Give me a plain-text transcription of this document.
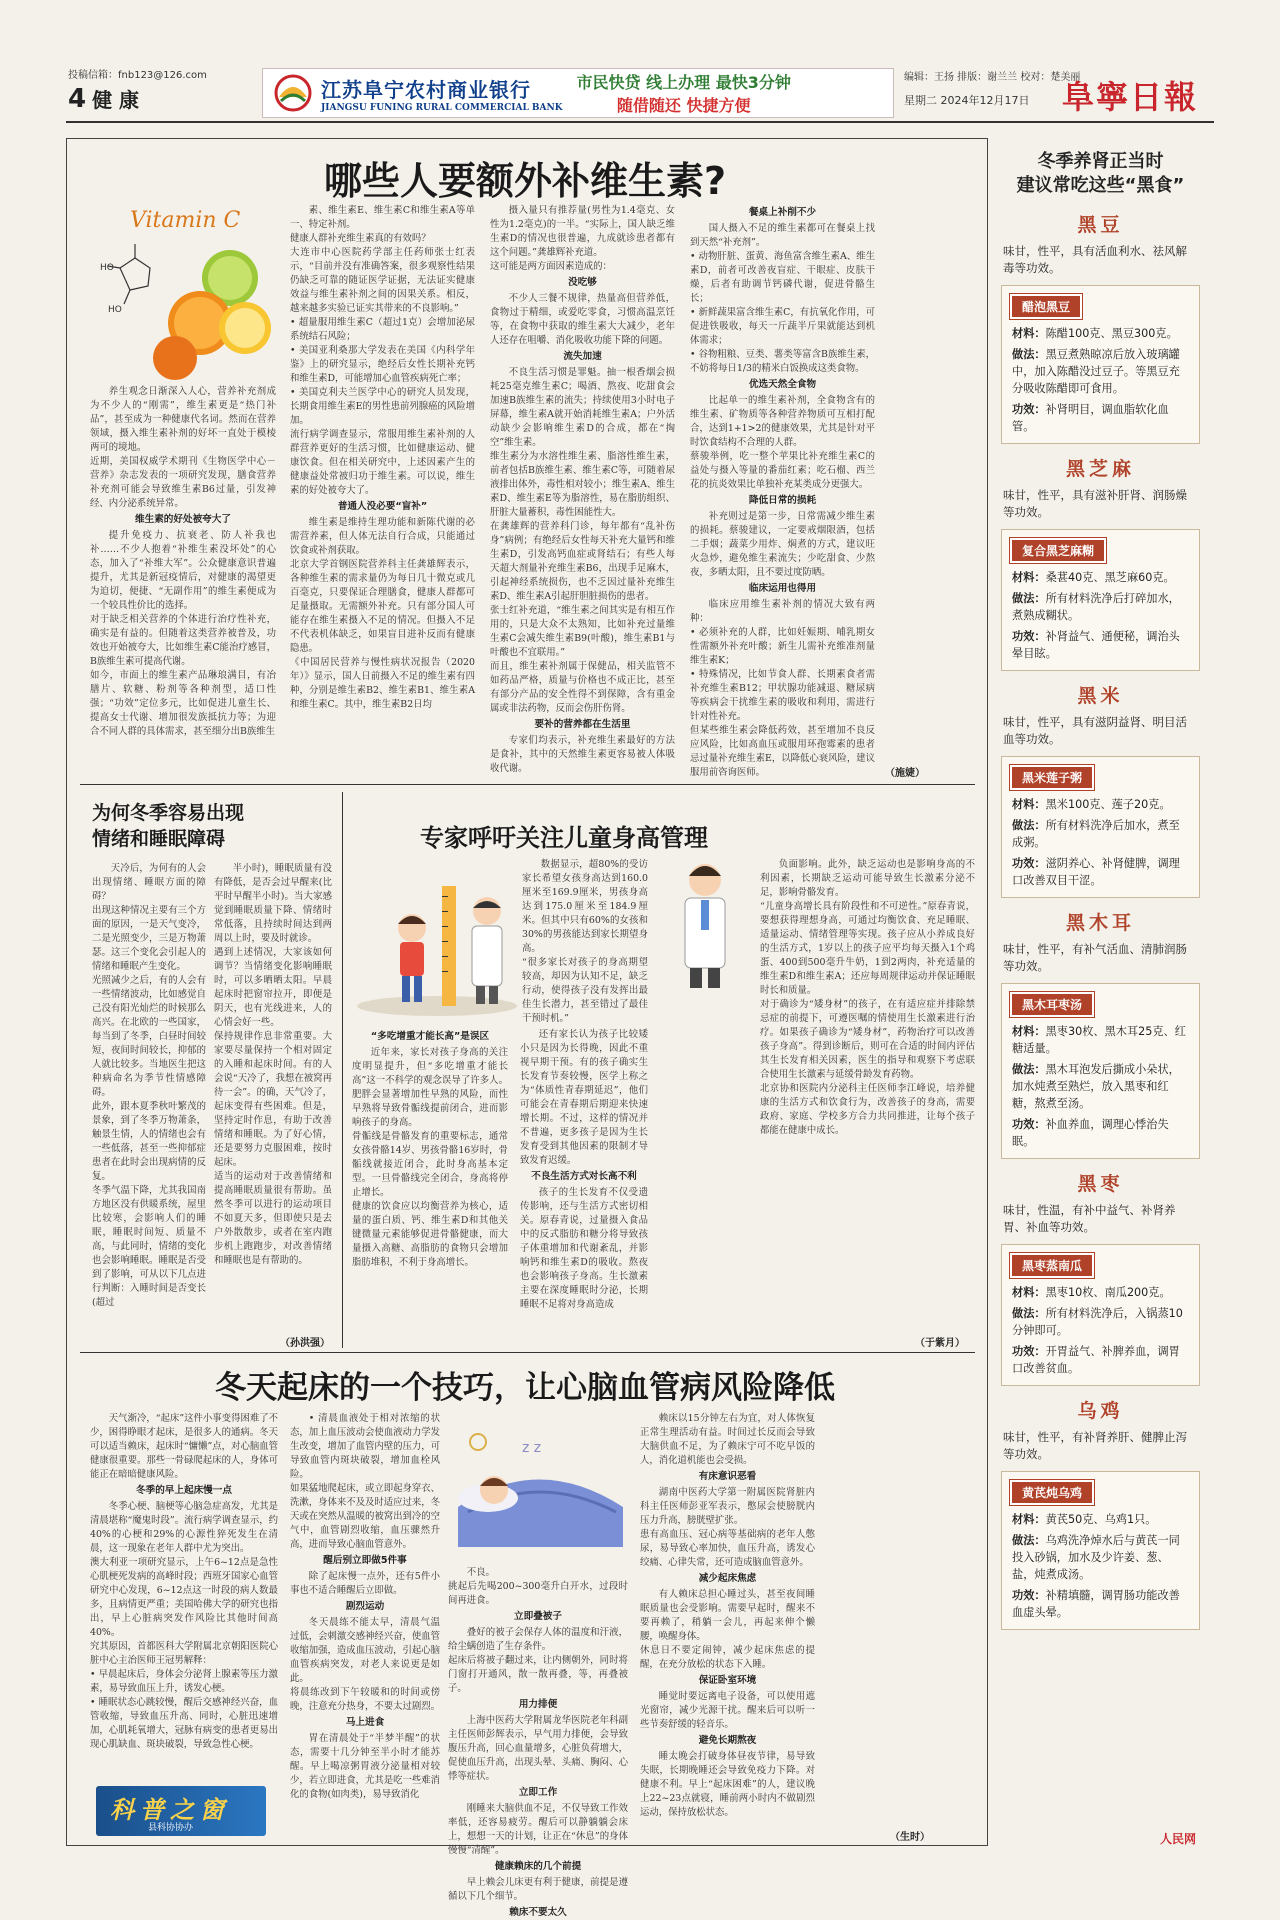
投稿信箱：fnb123@126.com
4 健 康	江苏阜宁农村商业银行
JIANGSU FUNING RURAL COMMERCIAL BANK
市民快贷 线上办理 最快3分钟
随借随还 快捷方便
编辑：王扬 排版：谢兰兰 校对：楚美丽
星期二 2024年12月17日 阜寧日報
哪些人要额外补维生素?
Vitamin C
HO
HO

养生观念日渐深入人心，营养补充剂成为不少人的“刚需”，维生素更是“热门补品”，甚至成为一种健康代名词。然而在营养领域，摄入维生素补剂的好坏一直处于模棱两可的境地。
近期，美国权威学术期刊《生物医学中心－营养》杂志发表的一项研究发现，膳食营养补充剂可能会导致维生素B6过量，引发神经、内分泌系统异常。

维生素的好处被夸大了

提升免疫力、抗衰老、防人补我也补……不少人抱着“补维生素没坏处”的心态，加入了“补维大军”。公众健康意识普遍提升，尤其是新冠疫情后，对健康的渴望更为迫切，便捷、“无副作用”的维生素便成为一个较具性价比的选择。
对于缺乏相关营养的个体进行治疗性补充，确实是有益的。但随着这类营养被普及，功效也开始被夸大，比如维生素C能治疗感冒，B族维生素可提高代谢。
如今，市面上的维生素产品琳琅满目，有冶膳片、软糖、粉剂等各种剂型，适口性强；“功效”定位多元，比如促进儿童生长、提高女士代谢、增加很发族抵抗力等；为迎合不同人群的具体需求，甚至细分出B族维生

素、维生素E、维生素C和维生素A等单一、特定补剂。
健康人群补充维生素真的有效吗？
大连市中心医院药学部主任药师张士红表示，“目前并没有准确答案，很多观察性结果仍缺乏可靠的随证医学证据，无法证实健康效益与维生素补剂之间的因果关系。相反，越来越多实验已证实其带来的不良影响。”
• 超量服用维生素C（超过1克）会增加泌尿系统结石风险；
• 美国亚利桑那大学发表在美国《内科学年鉴》上的研究显示，绝经后女性长期补充钙和维生素D，可能增加心血管疾病死亡率；
• 美国克利夫兰医学中心的研究人员发现，长期食用维生素E的男性患前列腺癌的风险增加。
流行病学调查显示，常服用维生素补剂的人群营养更好的生活习惯，比如健康运动、健康饮食。但在相关研究中，上述因素产生的健康益处常被归功于维生素。可以说，维生素的好处被夸大了。

普通人没必要“盲补”

维生素是维持生理功能和新陈代谢的必需营养素，但人体无法自行合成，只能通过饮食或补剂获取。
北京大学首钢医院营养科主任龚雄辉表示，各种维生素的需求量仍为每日几十微克或几百毫克，只要保证合理膳食，健康人群都可足量摄取。无需额外补充。只有部分国人可能存在维生素摄入不足的情况。但摄入不足不代表机体缺乏，如果盲目进补反而有健康隐患。
《中国居民营养与慢性病状况报告（2020年）》显示，国人日前摄入不足的维生素有四种，分别是维生素B2、维生素B1、维生素A和维生素C。其中，维生素B2日均

摄入量只有推荐量(男性为1.4毫克、女性为1.2毫克)的一半。“实际上，国人缺乏维生素D的情况也很普遍，九成就诊患者都有这个问题。”龚雄辉补充道。
这可能是两方面因素造成的：

没吃够

不少人三餐不规律，热量高但营养低，食物过于精细，或爱吃零食，习惯高温烹饪等，在食物中获取的维生素大大减少，老年人还存在咀嚼、消化吸收功能下降的问题。

流失加速

不良生活习惯是罪魁。抽一根香烟会损耗25毫克维生素C；喝酒、熬夜、吃甜食会加速B族维生素的流失；持续使用3小时电子屏幕，维生素A就开始消耗维生素A；户外活动缺少会影响维生素D的合成，都在“掏空”维生素。
维生素分为水溶性维生素、脂溶性维生素，前者包括B族维生素、维生素C等，可随着尿液排出体外，毒性相对较小；维生素A、维生素D、维生素E等为脂溶性，易在脂肪组织、肝脏大量蓄积，毒性困能性大。
在龚雄辉的营养科门诊，每年都有“乱补伤身”病例；有绝经后女性每天补充大量钙和维生素D，引发高钙血症或肾结石；有些人每天超大剂量补充维生素B6，出现手足麻木，引起神经系统损伤，也不乏因过量补充维生素D、维生素A引起肝胆脏损伤的患者。
张士红补充道，“维生素之间其实是有相互作用的，只是大众不太熟知，比如补充过量维生素C会减失维生素B9(叶酸)，维生素B1与叶酸也不宜联用。”
而且，维生素补剂属于保健品，相关监管不如药品严格，质量与价格也不成正比，甚至有部分产品的安全性得不到保障，含有重金属或非法药物，反而会伤肝伤肾。

要补的营养都在生活里

专家们均表示，补充维生素最好的方法是食补，其中的天然维生素更容易被人体吸收代谢。

餐桌上补削不少

国人摄入不足的维生素都可在餐桌上找到天然“补充剂”。
• 动物肝脏、蛋黄、海鱼富含维生素A、维生素D，前者可改善夜盲症、干眼症、皮肤干燥，后者有助调节钙磷代谢，促进骨骼生长；
• 新鲜蔬果富含维生素C，有抗氧化作用，可促进铁吸收，每天一斤蔬半斤果就能达到机体需求；
• 谷物粗粮、豆类、薯类等富含B族维生素，不妨将每日1/3的精米白饭换成这类食物。

优选天然全食物

比起单一的维生素补剂，全食物含有的维生素、矿物质等各种营养物质可互相打配合，达到1+1>2的健康效果，尤其是针对平时饮食结构不合理的人群。
蔡骏举例，吃一整个苹果比补充维生素C的益处与摄入等量的番茄红素；吃石榴、西兰花的抗炎效果比单独补充某类成分更强大。

降低日常的损耗

补充则过是第一步，日常需减少维生素的损耗。蔡骏建议，一定要戒烟限酒，包括二手烟；蔬菜少用炸、焖煮的方式，建议旺火急炒，避免维生素流失；少吃甜食、少熬夜，多晒太阳，且不要过度防晒。

临床运用也得用

临床应用维生素补剂的情况大致有两种：
• 必须补充的人群，比如妊娠期、哺乳期女性需额外补充叶酸；新生儿需补充维准剂量维生素K；
• 特殊情况，比如节食人群、长期素食者需补充维生素B12；甲状腺功能减退、糖尿病等疾病会干扰维生素的吸收和利用，需进行针对性补充。
但某些维生素会降低药效，甚至增加不良反应风险，比如高血压或服用环孢霉素的患者忌过量补充维生素E，以降低心衰风险，建议服用前咨询医师。	（施婕）
为何冬季容易出现
情绪和睡眠障碍

天冷后，为何有的人会出现情绪、睡眠方面的障碍？
出现这种情况主要有三个方面的原因，一是天气变冷，二是光照变少，三是万物萧瑟。这三个变化会引起人的情绪和睡眠产生变化。
光照减少之后，有的人会有一些情绪波动，比如感觉自己没有阳光灿烂的时候那么高兴。在北欧的一些国家，每当到了冬季，白昼时间较短，夜间时间较长，抑郁的人就比较多。当地医生把这种病命名为季节性情感障碍。
此外，跟本夏季秋叶繁茂的景象，到了冬季万物萧条，触景生情，人的情绪也会有一些低落，甚至一些抑郁症患者在此时会出现病情的反复。
冬季气温下降，尤其我国南方地区没有供暖系统，屋里比较寒，会影响人们的睡眠，睡眠时间短、质量不高，与此同时，情绪的变化也会影响睡眠。睡眠是否受到了影响，可从以下几点进行判断：入睡时间是否变长(超过

半小时)，睡眠质量有没有降低，是否会过早醒来(比平时早醒半小时)。当大家感觉到睡眠质量下降、情绪时常低落，且持续时间达到两周以上时，要及时就诊。
遇到上述情况，大家该如何调节？当情绪变化影响睡眠时，可以多晒晒太阳。早晨起床时把窗帘拉开，即便是阴天，也有光线进来，人的心情会好一些。
保持规律作息非常重要。大家要尽量保持一个相对固定的入睡和起床时间。有的人会说“天冷了，我想在被窝再待一会”。的确，天气冷了，起床变得有些困难。但是，坚持定时作息，有助于改善情绪和睡眠。为了好心情，还是要努力克服困难，按时起床。
适当的运动对于改善情绪和提高睡眠质量很有帮助。虽然冬季可以进行的运动项目不如夏天多，但即使只是去户外散散步，或者在室内跑步机上跑跑步，对改善情绪和睡眠也是有帮助的。

（孙洪强）
专家呼吁关注儿童身高管理
“多吃增重才能长高”是误区

近年来，家长对孩子身高的关注度明显提升，但“多吃增重才能长高”这一不科学的观念误导了许多人。肥胖会显著增加性早熟的风险，而性早熟将导致骨骺线提前闭合，进而影响孩子的身高。
骨骺线是骨骼发育的重要标志，通常女孩骨骼14岁、男孩骨骼16岁时，骨骺线就接近闭合，此时身高基本定型。一旦骨骼线完全闭合，身高将停止增长。
健康的饮食应以均衡营养为核心，适量的蛋白质、钙、维生素D和其他关键微量元素能够促进骨骼健康，而大量摄入高糖、高脂肪的食物只会增加脂肪堆积，不利于身高增长。

数据显示，超80%的受访家长希望女孩身高达到160.0厘米至169.9厘米，男孩身高达到175.0厘米至184.9厘米。但其中只有60%的女孩和30%的男孩能达到家长期望身高。
“很多家长对孩子的身高期望较高，却因为认知不足，缺乏行动，使得孩子没有发挥出最佳生长潜力，甚至错过了最佳干预时机。”

还有家长认为孩子比较矮小只是因为长得晚，因此不重视早期干预。有的孩子确实生长发育节奏较慢，医学上称之为“体质性青春期延迟”，他们可能会在青春期后期迎来快速增长期。不过，这样的情况并不普遍，更多孩子是因为生长发育受到其他因素的限制才导致发育迟缓。

不良生活方式对长高不利

孩子的生长发育不仅受遗传影响，还与生活方式密切相关。原春青说，过量摄入食品中的反式脂肪和糖分将导致孩子体重增加和代谢紊乱，并影响钙和维生素D的吸收。熬夜也会影响孩子身高。生长激素主要在深度睡眠时分泌，长期睡眠不足将对身高造成

负面影响。此外，缺乏运动也是影响身高的不利因素，长期缺乏运动可能导致生长激素分泌不足，影响骨骼发育。
“儿童身高增长具有阶段性和不可逆性。”原春青说，要想获得理想身高，可通过均衡饮食、充足睡眠、适量运动、情绪管理等实现。孩子应从小养成良好的生活方式，1岁以上的孩子应平均每天摄入1个鸡蛋、400到500毫升牛奶，1到2两肉，补充适量的维生素D和维生素A；还应每周规律运动并保证睡眠时长和质量。
对于确诊为“矮身材”的孩子，在有适应症并排除禁忌症的前提下，可遵医嘱的情使用生长激素进行治疗。如果孩子确诊为“矮身材”，药物治疗可以改善孩子身高”。得到诊断后，则可在合适的时间内评估其生长发育相关因素，医生的指导和观察下考虑联合使用生长激素与延缓骨龄发育药物。
北京协和医院内分泌科主任医师李江峰说，培养健康的生活方式和饮食行为，改善孩子的身高，需要政府、家庭、学校多方合力共同推进，让每个孩子都能在健康中成长。

（于紫月）
冬天起床的一个技巧，让心脑血管病风险降低

天气渐冷，“起床”这件小事变得困难了不少，困得睁眼才起床，是很多人的通病。冬天可以适当赖床，起床时“慵懒”点，对心脑血管健康很重要。那些一骨碌爬起床的人，身体可能正在暗暗健康风险。

冬季的早上起床慢一点

冬季心梗、脑梗等心脑急症高发，尤其是清晨堪称“魔鬼时段”。流行病学调查显示，约40%的心梗和29%的心源性猝死发生在清晨，这一现象在老年人群中尤为突出。
澳大利亚一项研究显示，上午6~12点是急性心肌梗死发病的高峰时段；西班牙国家心血管研究中心发现，6~12点这一时段的病人数最多，且病情更严重；美国哈佛大学的研究也指出，早上心脏病突发作风险比其他时间高40%。
究其原因，首都医科大学附属北京朝阳医院心脏中心主治医师王冠男解释：
• 早晨起床后，身体会分泌肾上腺素等压力激素，易导致血压上升，诱发心梗。
• 睡眠状态心跳较慢，醒后交感神经兴奋，血管收缩，导致血压升高、同时，心脏迅速增加，心肌耗氧增大，冠脉有病变的患者更易出现心肌缺血、斑块破裂，导致急性心梗。

科普之窗
县科协协办

• 清晨血液处于相对浓缩的状态，加上血压波动会使血液动力学发生改变，增加了血管内壁的压力，可导致血管内斑块破裂，增加血栓风险。
如果猛地爬起床，或立即起身穿衣、洗漱，身体来不及及时适应过来，冬天或在突然从温暖的被窝出到冷的空气中，血管剧烈收缩，血压骤然升高，进而导致心脑血管意外。

醒后别立即做5件事

除了起床慢一点外，还有5件小事也不适合睡醒后立即做。

剧烈运动

冬天晨练不能太早，清晨气温过低，会刺激交感神经兴奋，使血管收缩加强，造成血压波动，引起心脑血管疾病突发，对老人来说更是如此。
将晨练改到下午较暖和的时间或傍晚，注意充分热身，不要太过剧烈。

马上进食

胃在清晨处于“半梦半醒”的状态，需要十几分钟至半小时才能苏醒。早上喝凉粥胃液分泌量相对较少，若立即进食，尤其是吃一些难消化的食物(如肉类)，易导致消化

z z

不良。
挑起后先喝200~300毫升白开水，过段时间再进食。

立即叠被子

叠好的被子会保存人体的温度和汗液，给尘螨创造了生存条件。
起床后将被子翻过来，让内侧朝外，同时将门窗打开通风，散一散再叠，等，再叠被子。

用力排便

上海中医药大学附属龙华医院老年科副主任医师彭辉表示，早气用力排便，会导致腹压升高，回心血量增多，心脏负荷增大，促使血压升高，出现头晕、头痛、胸闷、心悸等症状。

立即工作

刚睡来大脑供血不足，不仅导致工作效率低，还容易疲劳。醒后可以静躺躺会床上，想想一天的计划，让正在“休息”的身体慢慢“清醒”。

健康赖床的几个前提

早上赖会儿床更有利于健康，前提是遵循以下几个细节。

赖床不要太久

赖床以15分钟左右为宜，对人体恢复正常生理活动有益。时间过长反而会导致大脑供血不足，为了赖床宁可不吃早饭的人，消化道机能也会受损。

有床意识恶看

湖南中医药大学第一附属医院肾脏内科主任医师彭亚军表示，憋尿会使膀胱内压力升高，膀胱壁扩张。
患有高血压、冠心病等基础病的老年人憋尿，易导致心率加快，血压升高，诱发心绞痛、心律失常，还可造成脑血管意外。

减少起床焦虑

有人赖床总担心睡过头，甚至夜间睡眠质量也会受影响。需要早起时，醒来不要再赖了，稍躺一会儿，再起来伸个懒腰，唤醒身体。
休息日不要定闹钟，减少起床焦虑的提醒，在充分放松的状态下入睡。

保证卧室环境

睡觉时要远离电子设备，可以使用遮光窗帘，减少光源干扰。醒来后可以听一些节奏舒缓的轻音乐。

避免长期熬夜

睡太晚会打破身体昼夜节律，易导致失眠，长期晚睡还会导致免疫力下降。对健康不利。早上“起床困难”的人，建议晚上22~23点就寝，睡前两小时内不做剧烈运动，保持放松状态。

（生时）
冬季养肾正当时
建议常吃这些“黑食”
黑豆
味甘，性平，具有活血利水、祛风解毒等功效。
醋泡黑豆
材料：陈醋100克、黑豆300克。
做法：黑豆煮熟晾凉后放入玻璃罐中，加入陈醋没过豆子。等黑豆充分吸收陈醋即可食用。
功效：补肾明目，调血脂软化血管。
黑芝麻
味甘，性平，具有滋补肝肾、润肠燥等功效。
复合黑芝麻糊
材料：桑葚40克、黑芝麻60克。
做法：所有材料洗净后打碎加水，煮熟成糊状。
功效：补肾益气、通便秘，调治头晕目眩。
黑米
味甘，性平，具有滋阴益肾、明目活血等功效。
黑米莲子粥
材料：黑米100克、莲子20克。
做法：所有材料洗净后加水，煮至成粥。
功效：滋阴养心、补肾健脾，调理口改善双目干涩。
黑木耳
味甘，性平，有补气活血、清肺润肠等功效。
黑木耳枣汤
材料：黑枣30枚、黑木耳25克、红糖适量。
做法：黑木耳泡发后撕成小朵状，加水炖煮至熟烂，放入黑枣和红糖，熬煮至汤。
功效：补血养血，调理心悸治失眠。
黑枣
味甘，性温，有补中益气、补肾养胃、补血等功效。
黑枣蒸南瓜
材料：黑枣10枚、南瓜200克。
做法：所有材料洗净后，入锅蒸10分钟即可。
功效：开胃益气、补脾养血，调胃口改善贫血。
乌鸡
味甘，性平，有补肾养肝、健脾止泻等功效。
黄芪炖乌鸡
材料：黄芪50克、乌鸡1只。
做法：乌鸡洗净焯水后与黄芪一同投入砂锅，加水及少许姜、葱、盐，炖煮成汤。
功效：补精填髓，调胃肠功能改善血虚头晕。
人民网
